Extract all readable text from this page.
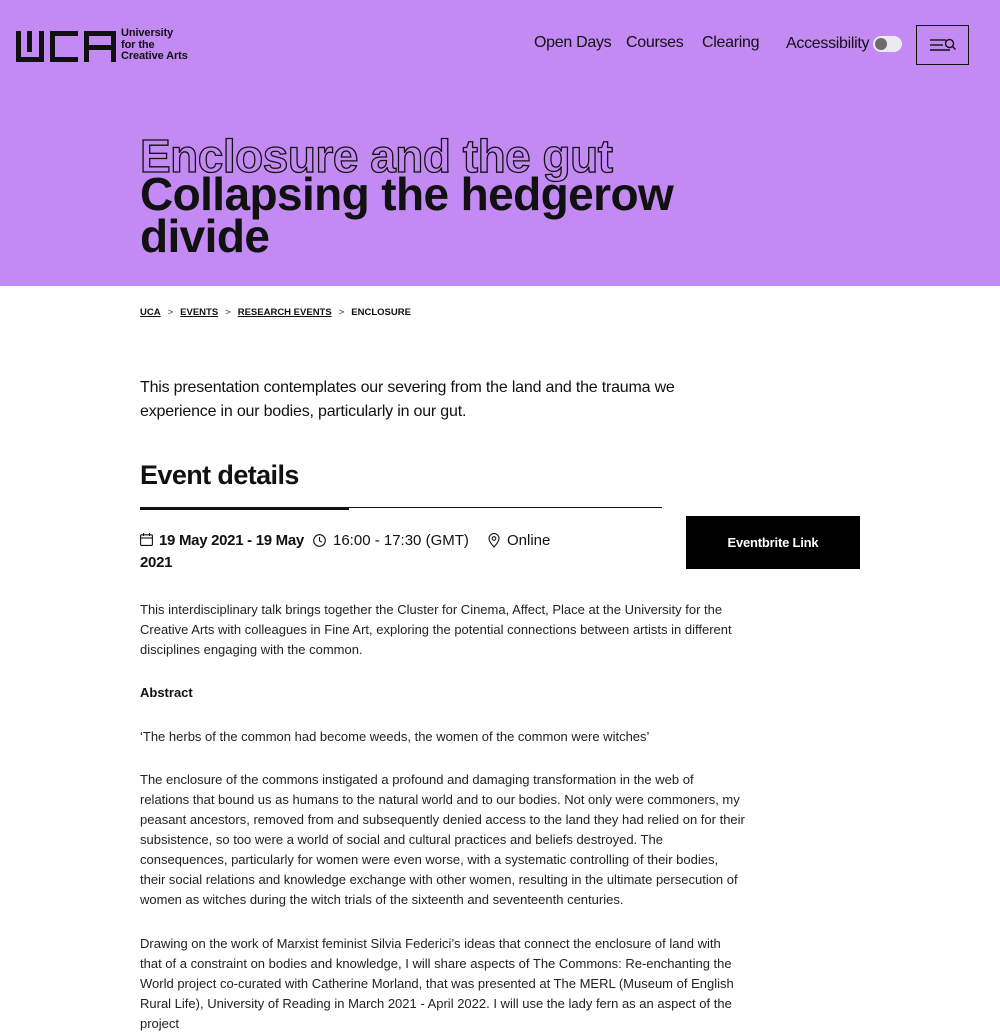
University
for the
Creative Arts
Open Days Courses Clearing Accessibility
Enclosure and the gut
Collapsing the hedgerow divide
UCA > EVENTS > RESEARCH EVENTS > ENCLOSURE

This presentation contemplates our severing from the land and the trauma we experience in our bodies, particularly in our gut.

Event details
19 May 2021 - 19 May 2021
16:00 - 17:30 (GMT)	Online	Eventbrite Link

This interdisciplinary talk brings together the Cluster for Cinema, Affect, Place at the University for the Creative Arts with colleagues in Fine Art, exploring the potential connections between artists in different disciplines engaging with the common.

Abstract

‘The herbs of the common had become weeds, the women of the common were witches’

The enclosure of the commons instigated a profound and damaging transformation in the web of relations that bound us as humans to the natural world and to our bodies. Not only were commoners, my peasant ancestors, removed from and subsequently denied access to the land they had relied on for their subsistence, so too were a world of social and cultural practices and beliefs destroyed. The consequences, particularly for women were even worse, with a systematic controlling of their bodies, their social relations and knowledge exchange with other women, resulting in the ultimate persecution of women as witches during the witch trials of the sixteenth and seventeenth centuries.

Drawing on the work of Marxist feminist Silvia Federici’s ideas that connect the enclosure of land with that of a constraint on bodies and knowledge, I will share aspects of The Commons: Re-enchanting the World project co-curated with Catherine Morland, that was presented at The MERL (Museum of English Rural Life), University of Reading in March 2021 - April 2022. I will use the lady fern as an aspect of the project
